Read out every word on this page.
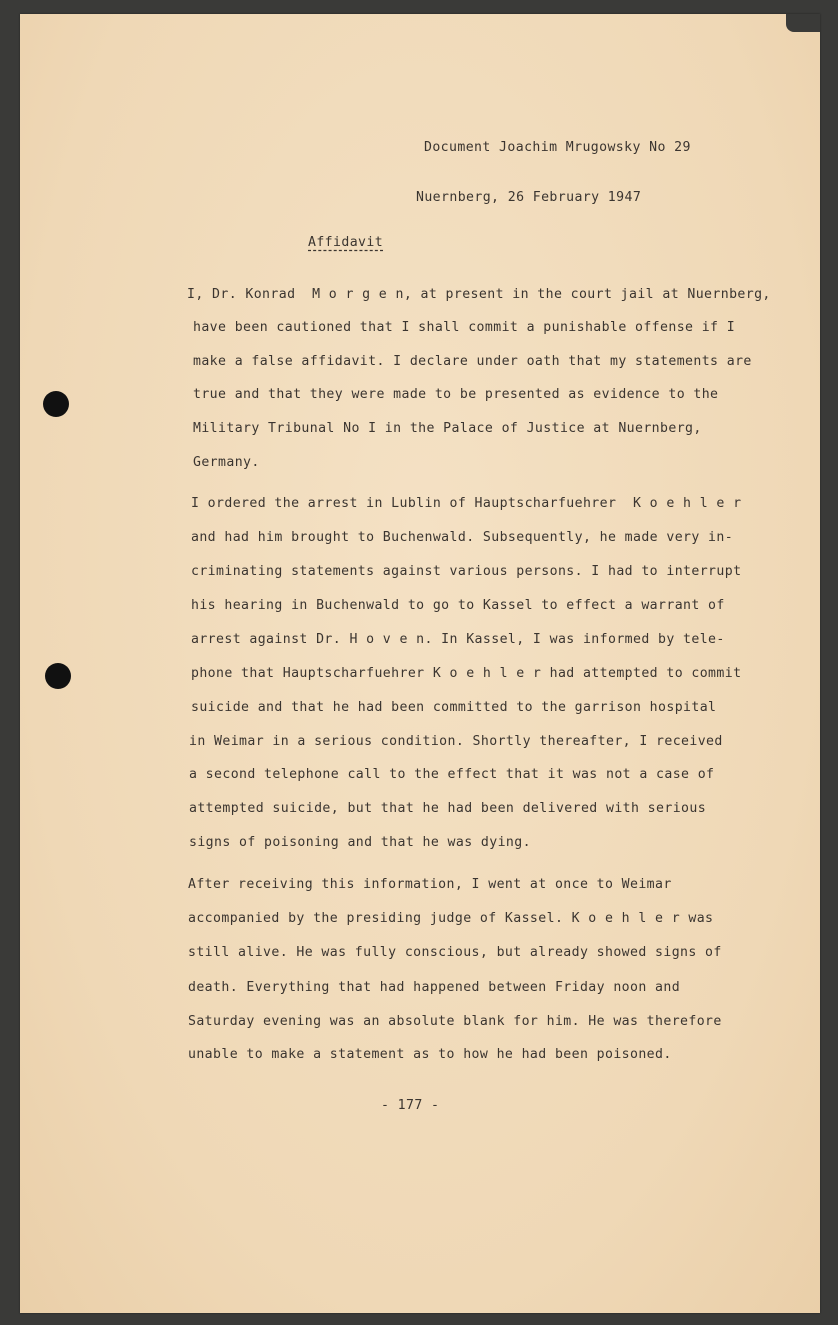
Document Joachim Mrugowsky No 29
Nuernberg, 26 February 1947
Affidavit
I, Dr. Konrad  M o r g e n, at present in the court jail at Nuernberg,
have been cautioned that I shall commit a punishable offense if I
make a false affidavit. I declare under oath that my statements are
true and that they were made to be presented as evidence to the
Military Tribunal No I in the Palace of Justice at Nuernberg,
Germany.
I ordered the arrest in Lublin of Hauptscharfuehrer  K o e h l e r
and had him brought to Buchenwald. Subsequently, he made very in-
criminating statements against various persons. I had to interrupt
his hearing in Buchenwald to go to Kassel to effect a warrant of
arrest against Dr. H o v e n. In Kassel, I was informed by tele-
phone that Hauptscharfuehrer K o e h l e r had attempted to commit
suicide and that he had been committed to the garrison hospital
in Weimar in a serious condition. Shortly thereafter, I received
a second telephone call to the effect that it was not a case of
attempted suicide, but that he had been delivered with serious
signs of poisoning and that he was dying.
After receiving this information, I went at once to Weimar
accompanied by the presiding judge of Kassel. K o e h l e r was
still alive. He was fully conscious, but already showed signs of
death. Everything that had happened between Friday noon and
Saturday evening was an absolute blank for him. He was therefore
unable to make a statement as to how he had been poisoned.
- 177 -
